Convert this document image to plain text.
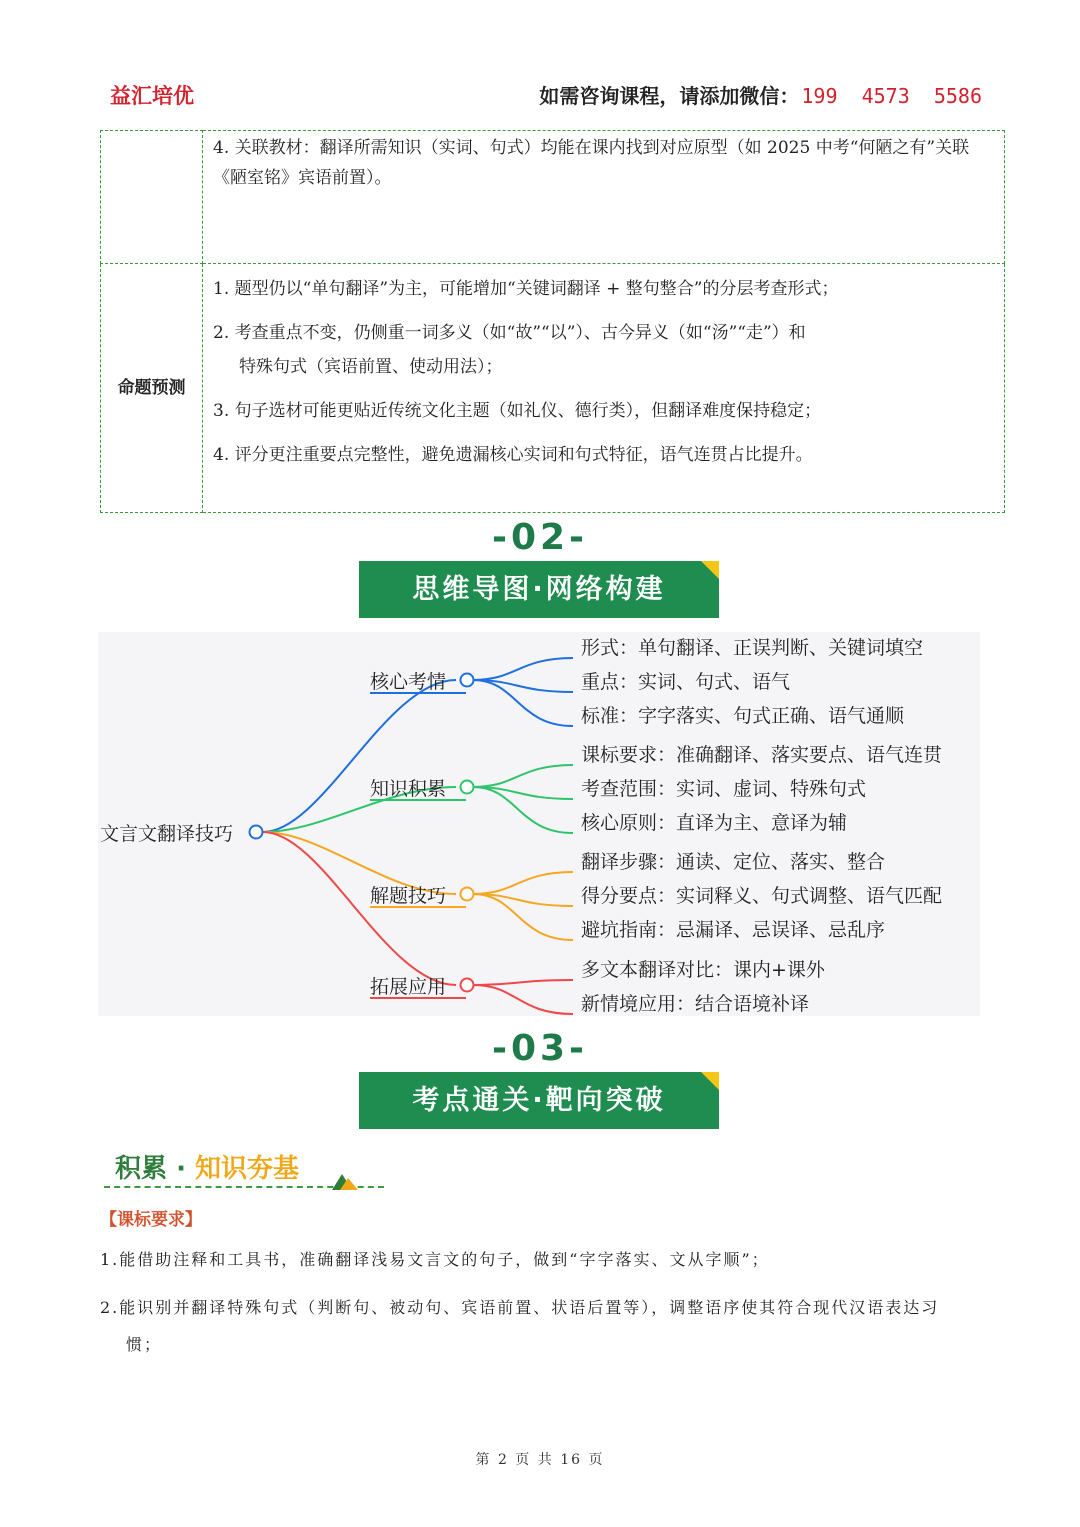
益汇培优	如需咨询课程，请添加微信： 199  4573  5586

	4. 关联教材：翻译所需知识（实词、句式）均能在课内找到对应原型（如 2025 中考“何陋之有”关联《陋室铭》宾语前置）。

命题预测	1. 题型仍以“单句翻译”为主，可能增加“关键词翻译 + 整句整合”的分层考查形式；

2. 考查重点不变，仍侧重一词多义（如“故”“以”）、古今异义（如“汤”“走”）和

特殊句式（宾语前置、使动用法）；

3. 句子选材可能更贴近传统文化主题（如礼仪、德行类），但翻译难度保持稳定；

4. 评分更注重要点完整性，避免遗漏核心实词和句式特征，语气连贯占比提升。

-02-
思维导图·网络构建
文言文翻译技巧
核心考情
形式：单句翻译、正误判断、关键词填空
重点：实词、句式、语气
标准：字字落实、句式正确、语气通顺
知识积累
课标要求：准确翻译、落实要点、语气连贯
考查范围：实词、虚词、特殊句式
核心原则：直译为主、意译为辅
解题技巧
翻译步骤：通读、定位、落实、整合
得分要点：实词释义、句式调整、语气匹配
避坑指南：忌漏译、忌误译、忌乱序
拓展应用
多文本翻译对比：课内+课外
新情境应用：结合语境补译
-03-
考点通关·靶向突破
积累 · 知识夯基
【课标要求】
1.能借助注释和工具书，准确翻译浅易文言文的句子，做到“字字落实、文从字顺”；
2.能识别并翻译特殊句式（判断句、被动句、宾语前置、状语后置等），调整语序使其符合现代汉语表达习
惯；
第 2 页 共 16 页
